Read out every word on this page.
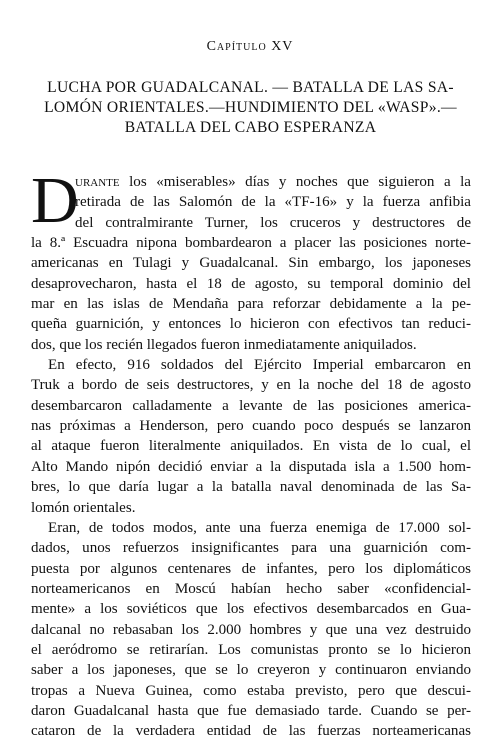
Capítulo XV
LUCHA POR GUADALCANAL. — BATALLA DE LAS SA-
LOMÓN ORIENTALES.—HUNDIMIENTO DEL «WASP».—
BATALLA DEL CABO ESPERANZA
D
urante los «miserables» días y noches que siguieron a la
retirada de las Salomón de la «TF-16» y la fuerza anfibia
del contralmirante Turner, los cruceros y destructores de
la 8.ª Escuadra nipona bombardearon a placer las posiciones norte-
americanas en Tulagi y Guadalcanal. Sin embargo, los japoneses
desaprovecharon, hasta el 18 de agosto, su temporal dominio del
mar en las islas de Mendaña para reforzar debidamente a la pe-
queña guarnición, y entonces lo hicieron con efectivos tan reduci-
dos, que los recién llegados fueron inmediatamente aniquilados.
En efecto, 916 soldados del Ejército Imperial embarcaron en
Truk a bordo de seis destructores, y en la noche del 18 de agosto
desembarcaron calladamente a levante de las posiciones america-
nas próximas a Henderson, pero cuando poco después se lanzaron
al ataque fueron literalmente aniquilados. En vista de lo cual, el
Alto Mando nipón decidió enviar a la disputada isla a 1.500 hom-
bres, lo que daría lugar a la batalla naval denominada de las Sa-
lomón orientales.
Eran, de todos modos, ante una fuerza enemiga de 17.000 sol-
dados, unos refuerzos insignificantes para una guarnición com-
puesta por algunos centenares de infantes, pero los diplomáticos
norteamericanos en Moscú habían hecho saber «confidencial-
mente» a los soviéticos que los efectivos desembarcados en Gua-
dalcanal no rebasaban los 2.000 hombres y que una vez destruido
el aeródromo se retirarían. Los comunistas pronto se lo hicieron
saber a los japoneses, que se lo creyeron y continuaron enviando
tropas a Nueva Guinea, como estaba previsto, pero que descui-
daron Guadalcanal hasta que fue demasiado tarde. Cuando se per-
cataron de la verdadera entidad de las fuerzas norteamericanas
